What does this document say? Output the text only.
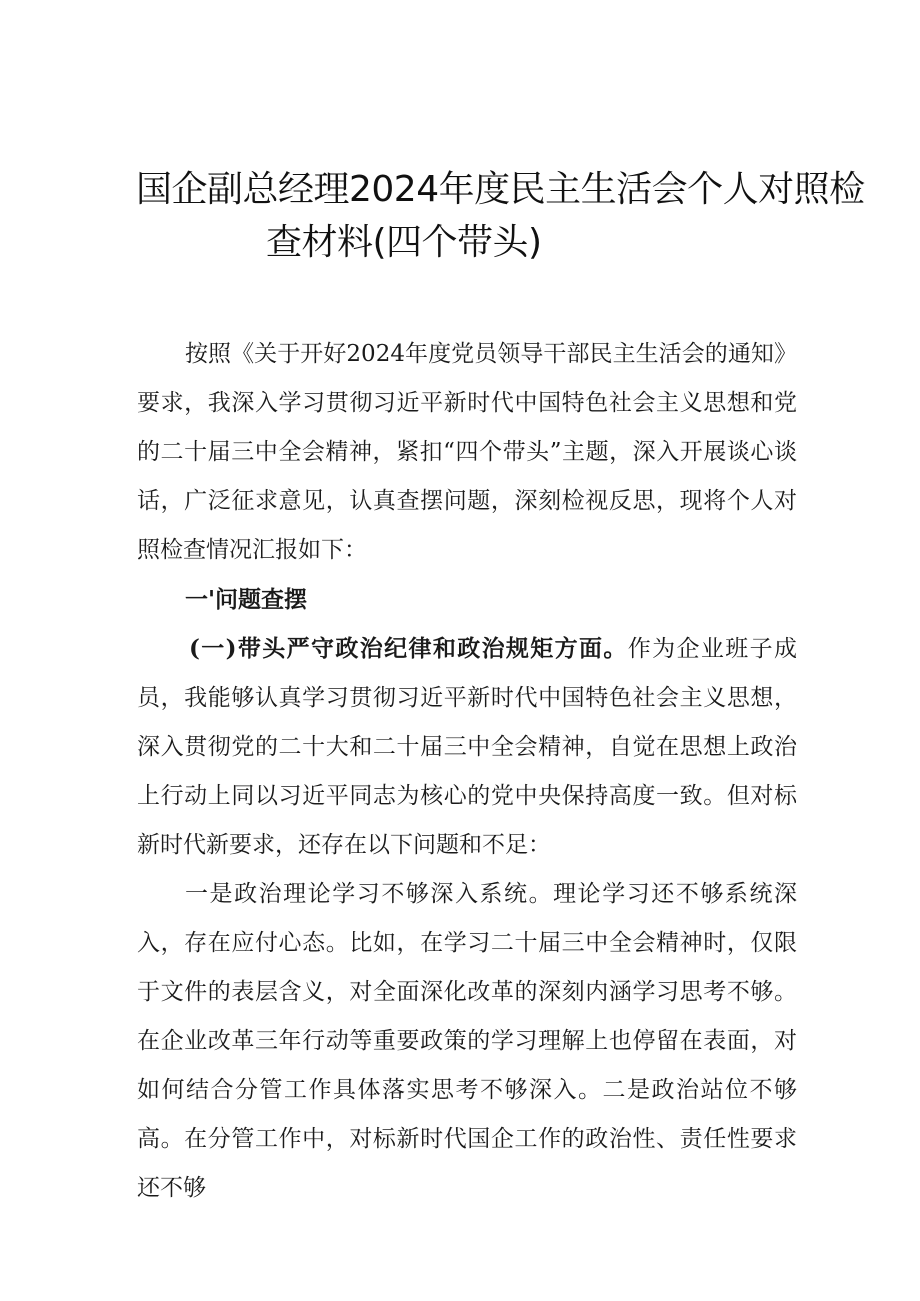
国企副总经理2024年度民主生活会个人对照检
查材料(四个带头)

按照《关于开好2024年度党员领导干部民主生活会的通知》要求，我深入学习贯彻习近平新时代中国特色社会主义思想和党的二十届三中全会精神，紧扣“四个带头”主题，深入开展谈心谈话，广泛征求意见，认真查摆问题，深刻检视反思，现将个人对照检查情况汇报如下：

一'问题查摆

(一)带头严守政治纪律和政治规矩方面。作为企业班子成员，我能够认真学习贯彻习近平新时代中国特色社会主义思想，深入贯彻党的二十大和二十届三中全会精神，自觉在思想上政治上行动上同以习近平同志为核心的党中央保持高度一致。但对标新时代新要求，还存在以下问题和不足：

一是政治理论学习不够深入系统。理论学习还不够系统深入，存在应付心态。比如，在学习二十届三中全会精神时，仅限于文件的表层含义，对全面深化改革的深刻内涵学习思考不够。在企业改革三年行动等重要政策的学习理解上也停留在表面，对如何结合分管工作具体落实思考不够深入。二是政治站位不够高。在分管工作中，对标新时代国企工作的政治性、责任性要求还不够
